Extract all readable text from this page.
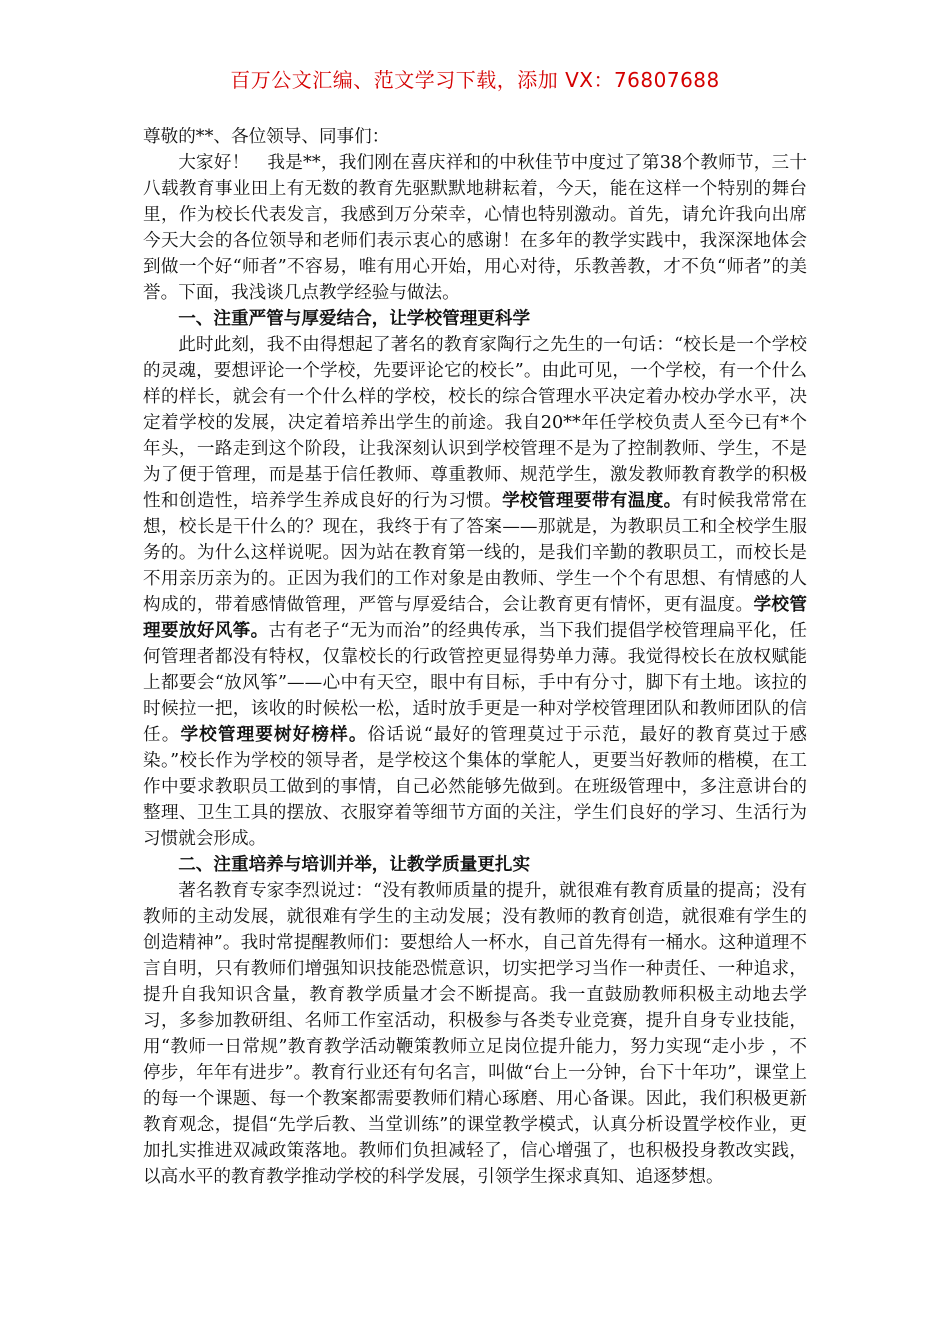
百万公文汇编、范文学习下载，添加 VX：76807688

尊敬的**、各位领导、同事们：

大家好！　我是**，我们刚在喜庆祥和的中秋佳节中度过了第38个教师节，三十八载教育事业田上有无数的教育先驱默默地耕耘着，今天，能在这样一个特别的舞台里，作为校长代表发言，我感到万分荣幸，心情也特别激动。首先，请允许我向出席今天大会的各位领导和老师们表示衷心的感谢！在多年的教学实践中，我深深地体会到做一个好“师者”不容易，唯有用心开始，用心对待，乐教善教，才不负“师者”的美誉。下面，我浅谈几点教学经验与做法。

一、注重严管与厚爱结合，让学校管理更科学

此时此刻，我不由得想起了著名的教育家陶行之先生的一句话：“校长是一个学校的灵魂，要想评论一个学校，先要评论它的校长”。由此可见，一个学校，有一个什么样的样长，就会有一个什么样的学校，校长的综合管理水平决定着办校办学水平，决定着学校的发展，决定着培养出学生的前途。我自20**年任学校负责人至今已有*个年头，一路走到这个阶段，让我深刻认识到学校管理不是为了控制教师、学生，不是为了便于管理，而是基于信任教师、尊重教师、规范学生，激发教师教育教学的积极性和创造性，培养学生养成良好的行为习惯。学校管理要带有温度。有时候我常常在想，校长是干什么的？现在，我终于有了答案——那就是，为教职员工和全校学生服务的。为什么这样说呢。因为站在教育第一线的，是我们辛勤的教职员工，而校长是不用亲历亲为的。正因为我们的工作对象是由教师、学生一个个有思想、有情感的人构成的，带着感情做管理，严管与厚爱结合，会让教育更有情怀，更有温度。学校管理要放好风筝。古有老子“无为而治”的经典传承，当下我们提倡学校管理扁平化，任何管理者都没有特权，仅靠校长的行政管控更显得势单力薄。我觉得校长在放权赋能上都要会“放风筝”——心中有天空，眼中有目标，手中有分寸，脚下有土地。该拉的时候拉一把，该收的时候松一松，适时放手更是一种对学校管理团队和教师团队的信任。学校管理要树好榜样。俗话说“最好的管理莫过于示范，最好的教育莫过于感染。”校长作为学校的领导者，是学校这个集体的掌舵人，更要当好教师的楷模，在工作中要求教职员工做到的事情，自己必然能够先做到。在班级管理中，多注意讲台的整理、卫生工具的摆放、衣服穿着等细节方面的关注，学生们良好的学习、生活行为习惯就会形成。

二、注重培养与培训并举，让教学质量更扎实

著名教育专家李烈说过：“没有教师质量的提升，就很难有教育质量的提高；没有教师的主动发展，就很难有学生的主动发展；没有教师的教育创造，就很难有学生的创造精神”。我时常提醒教师们：要想给人一杯水，自己首先得有一桶水。这种道理不言自明，只有教师们增强知识技能恐慌意识，切实把学习当作一种责任、一种追求，提升自我知识含量，教育教学质量才会不断提高。我一直鼓励教师积极主动地去学习，多参加教研组、名师工作室活动，积极参与各类专业竞赛，提升自身专业技能，用“教师一日常规”教育教学活动鞭策教师立足岗位提升能力，努力实现“走小步 ，不停步，年年有进步”。教育行业还有句名言，叫做“台上一分钟，台下十年功”，课堂上的每一个课题、每一个教案都需要教师们精心琢磨、用心备课。因此，我们积极更新教育观念，提倡“先学后教、当堂训练”的课堂教学模式，认真分析设置学校作业，更加扎实推进双减政策落地。教师们负担减轻了，信心增强了，也积极投身教改实践，以高水平的教育教学推动学校的科学发展，引领学生探求真知、追逐梦想。
